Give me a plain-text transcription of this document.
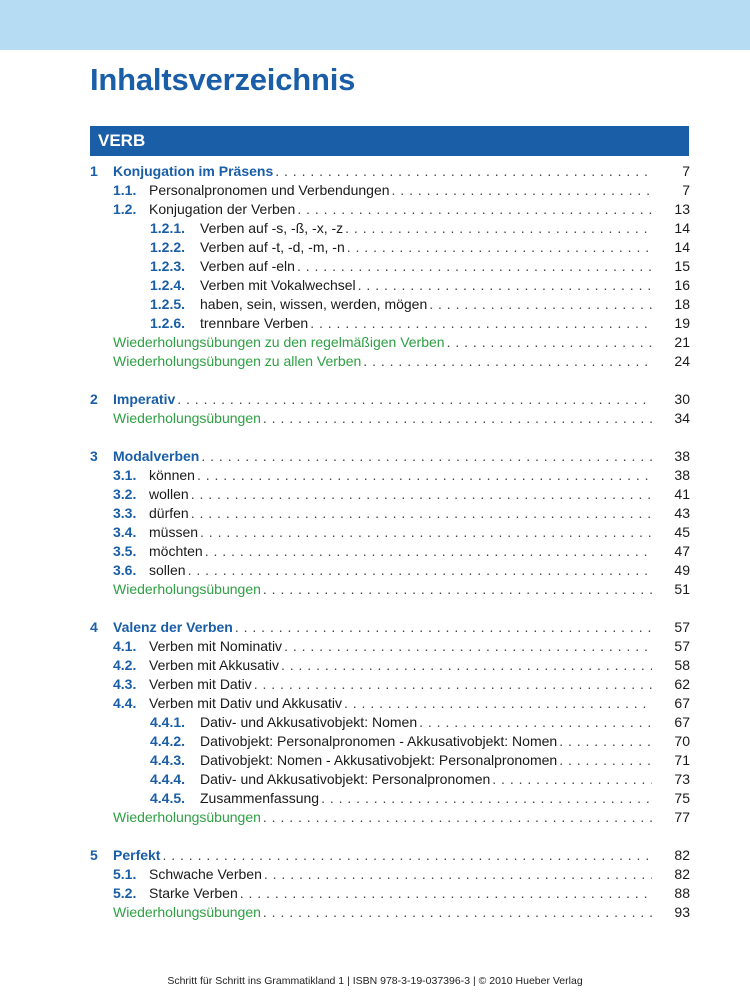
Inhaltsverzeichnis
VERB
1 Konjugation im Präsens . . .	7
1.1. Personalpronomen und Verbendungen . . .	7
1.2. Konjugation der Verben . . .	13
1.2.1. Verben auf -s, -ß, -x, -z . . .	14
1.2.2. Verben auf -t, -d, -m, -n . . .	14
1.2.3. Verben auf -eln . . .	15
1.2.4. Verben mit Vokalwechsel . . .	16
1.2.5. haben, sein, wissen, werden, mögen . . .	18
1.2.6. trennbare Verben . . .	19
Wiederholungsübungen zu den regelmäßigen Verben . . .	21
Wiederholungsübungen zu allen Verben . . .	24
2 Imperativ . . .	30
Wiederholungsübungen . . .	34
3 Modalverben . . .	38
3.1. können . . .	38
3.2. wollen . . .	41
3.3. dürfen . . .	43
3.4. müssen . . .	45
3.5. möchten . . .	47
3.6. sollen . . .	49
Wiederholungsübungen . . .	51
4 Valenz der Verben . . .	57
4.1. Verben mit Nominativ . . .	57
4.2. Verben mit Akkusativ . . .	58
4.3. Verben mit Dativ . . .	62
4.4. Verben mit Dativ und Akkusativ . . .	67
4.4.1. Dativ- und Akkusativobjekt: Nomen . . .	67
4.4.2. Dativobjekt: Personalpronomen - Akkusativobjekt: Nomen . . .	70
4.4.3. Dativobjekt: Nomen - Akkusativobjekt: Personalpronomen . . .	71
4.4.4. Dativ- und Akkusativobjekt: Personalpronomen . . .	73
4.4.5. Zusammenfassung . . .	75
Wiederholungsübungen . . .	77
5 Perfekt . . .	82
5.1. Schwache Verben . . .	82
5.2. Starke Verben . . .	88
Wiederholungsübungen . . .	93
Schritt für Schritt ins Grammatikland 1 | ISBN 978-3-19-037396-3 | © 2010 Hueber Verlag
